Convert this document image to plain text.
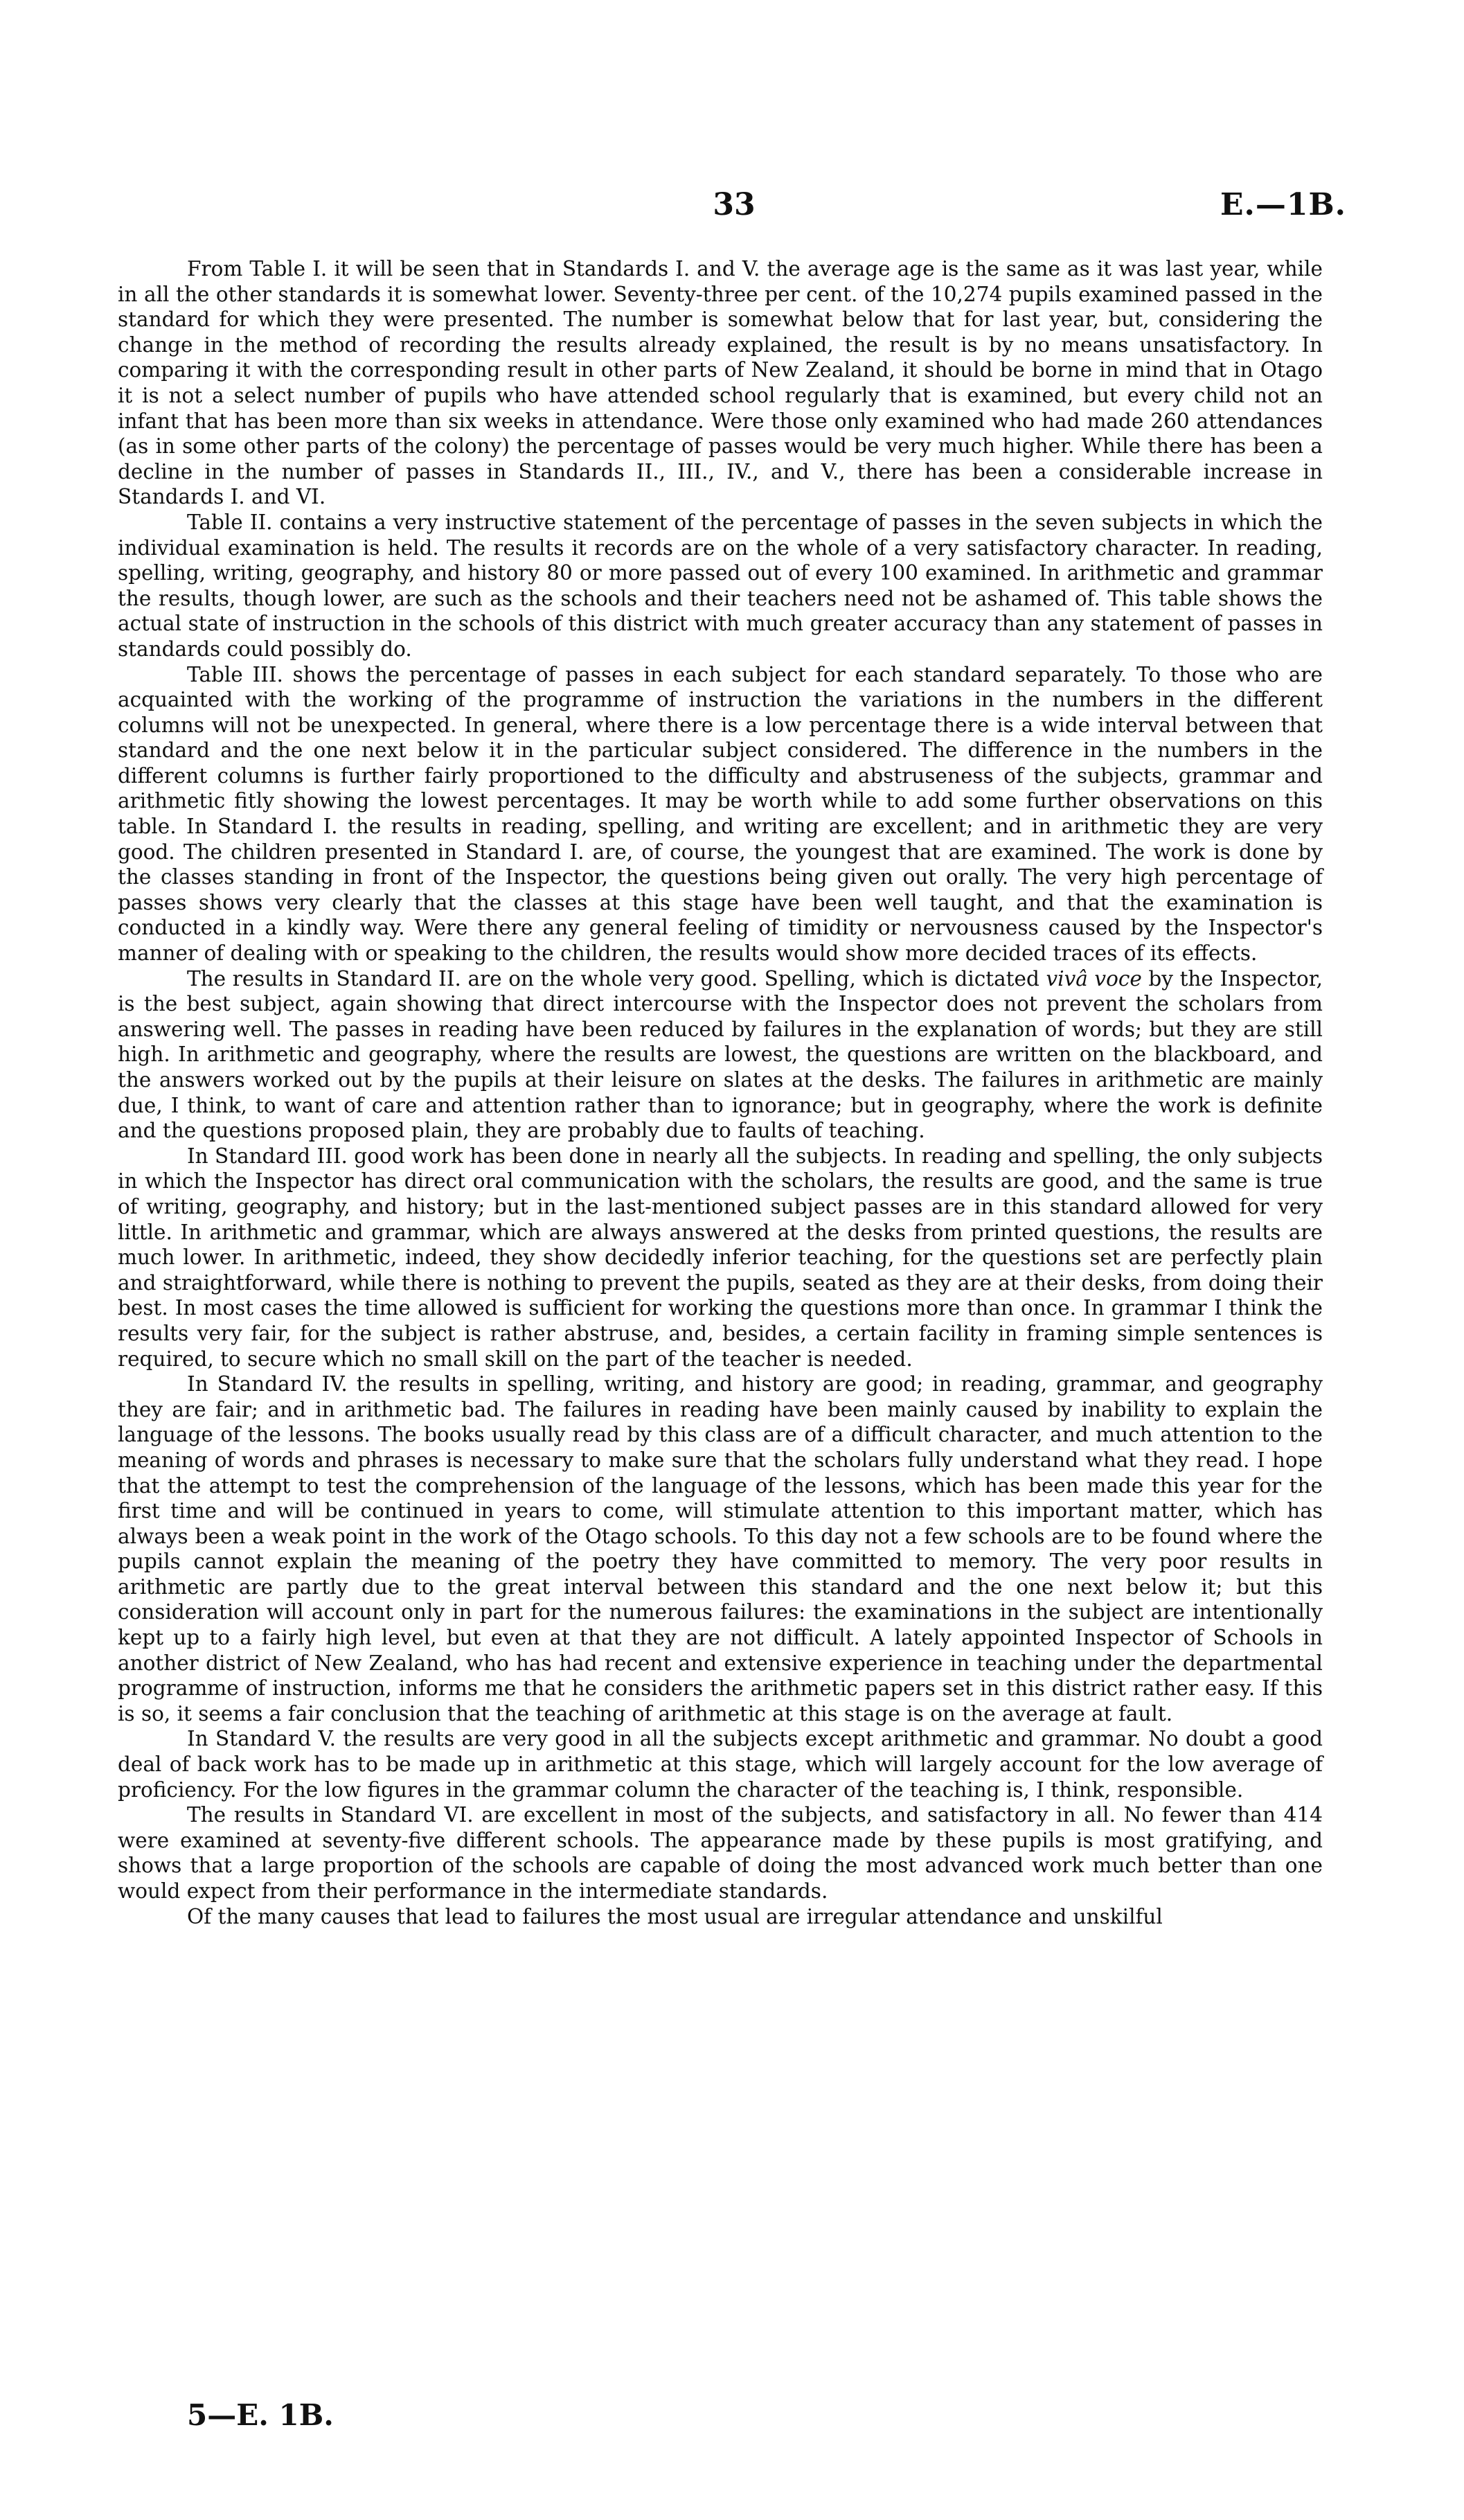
33	E.—1B.

From Table I. it will be seen that in Standards I. and V. the average age is the same as it was last year, while in all the other standards it is somewhat lower. Seventy-three per cent. of the 10,274 pupils examined passed in the standard for which they were presented. The number is somewhat below that for last year, but, considering the change in the method of recording the results already explained, the result is by no means unsatisfactory. In comparing it with the corresponding result in other parts of New Zealand, it should be borne in mind that in Otago it is not a select number of pupils who have attended school regularly that is examined, but every child not an infant that has been more than six weeks in attendance. Were those only examined who had made 260 attendances (as in some other parts of the colony) the percentage of passes would be very much higher. While there has been a decline in the number of passes in Standards II., III., IV., and V., there has been a considerable increase in Standards I. and VI.

Table II. contains a very instructive statement of the percentage of passes in the seven subjects in which the individual examination is held. The results it records are on the whole of a very satisfactory character. In reading, spelling, writing, geography, and history 80 or more passed out of every 100 examined. In arithmetic and grammar the results, though lower, are such as the schools and their teachers need not be ashamed of. This table shows the actual state of instruction in the schools of this district with much greater accuracy than any statement of passes in standards could possibly do.

Table III. shows the percentage of passes in each subject for each standard separately. To those who are acquainted with the working of the programme of instruction the variations in the numbers in the different columns will not be unexpected. In general, where there is a low percentage there is a wide interval between that standard and the one next below it in the particular subject considered. The difference in the numbers in the different columns is further fairly proportioned to the difficulty and abstruseness of the subjects, grammar and arithmetic fitly showing the lowest percentages. It may be worth while to add some further observations on this table. In Standard I. the results in reading, spelling, and writing are excellent; and in arithmetic they are very good. The children presented in Standard I. are, of course, the youngest that are examined. The work is done by the classes standing in front of the Inspector, the questions being given out orally. The very high percentage of passes shows very clearly that the classes at this stage have been well taught, and that the examination is conducted in a kindly way. Were there any general feeling of timidity or nervousness caused by the Inspector's manner of dealing with or speaking to the children, the results would show more decided traces of its effects.

The results in Standard II. are on the whole very good. Spelling, which is dictated vivâ voce by the Inspector, is the best subject, again showing that direct intercourse with the Inspector does not prevent the scholars from answering well. The passes in reading have been reduced by failures in the explanation of words; but they are still high. In arithmetic and geography, where the results are lowest, the questions are written on the blackboard, and the answers worked out by the pupils at their leisure on slates at the desks. The failures in arithmetic are mainly due, I think, to want of care and attention rather than to ignorance; but in geography, where the work is definite and the questions proposed plain, they are probably due to faults of teaching.

In Standard III. good work has been done in nearly all the subjects. In reading and spelling, the only subjects in which the Inspector has direct oral communication with the scholars, the results are good, and the same is true of writing, geography, and history; but in the last-mentioned subject passes are in this standard allowed for very little. In arithmetic and grammar, which are always answered at the desks from printed questions, the results are much lower. In arithmetic, indeed, they show decidedly inferior teaching, for the questions set are perfectly plain and straightforward, while there is nothing to prevent the pupils, seated as they are at their desks, from doing their best. In most cases the time allowed is sufficient for working the questions more than once. In grammar I think the results very fair, for the subject is rather abstruse, and, besides, a certain facility in framing simple sentences is required, to secure which no small skill on the part of the teacher is needed.

In Standard IV. the results in spelling, writing, and history are good; in reading, grammar, and geography they are fair; and in arithmetic bad. The failures in reading have been mainly caused by inability to explain the language of the lessons. The books usually read by this class are of a difficult character, and much attention to the meaning of words and phrases is necessary to make sure that the scholars fully understand what they read. I hope that the attempt to test the comprehension of the language of the lessons, which has been made this year for the first time and will be continued in years to come, will stimulate attention to this important matter, which has always been a weak point in the work of the Otago schools. To this day not a few schools are to be found where the pupils cannot explain the meaning of the poetry they have committed to memory. The very poor results in arithmetic are partly due to the great interval between this standard and the one next below it; but this consideration will account only in part for the numerous failures: the examinations in the subject are intentionally kept up to a fairly high level, but even at that they are not difficult. A lately appointed Inspector of Schools in another district of New Zealand, who has had recent and extensive experience in teaching under the departmental programme of instruction, informs me that he considers the arithmetic papers set in this district rather easy. If this is so, it seems a fair conclusion that the teaching of arithmetic at this stage is on the average at fault.

In Standard V. the results are very good in all the subjects except arithmetic and grammar. No doubt a good deal of back work has to be made up in arithmetic at this stage, which will largely account for the low average of proficiency. For the low figures in the grammar column the character of the teaching is, I think, responsible.

The results in Standard VI. are excellent in most of the subjects, and satisfactory in all. No fewer than 414 were examined at seventy-five different schools. The appearance made by these pupils is most gratifying, and shows that a large proportion of the schools are capable of doing the most advanced work much better than one would expect from their performance in the intermediate standards.

Of the many causes that lead to failures the most usual are irregular attendance and unskilful

5—E. 1B.
